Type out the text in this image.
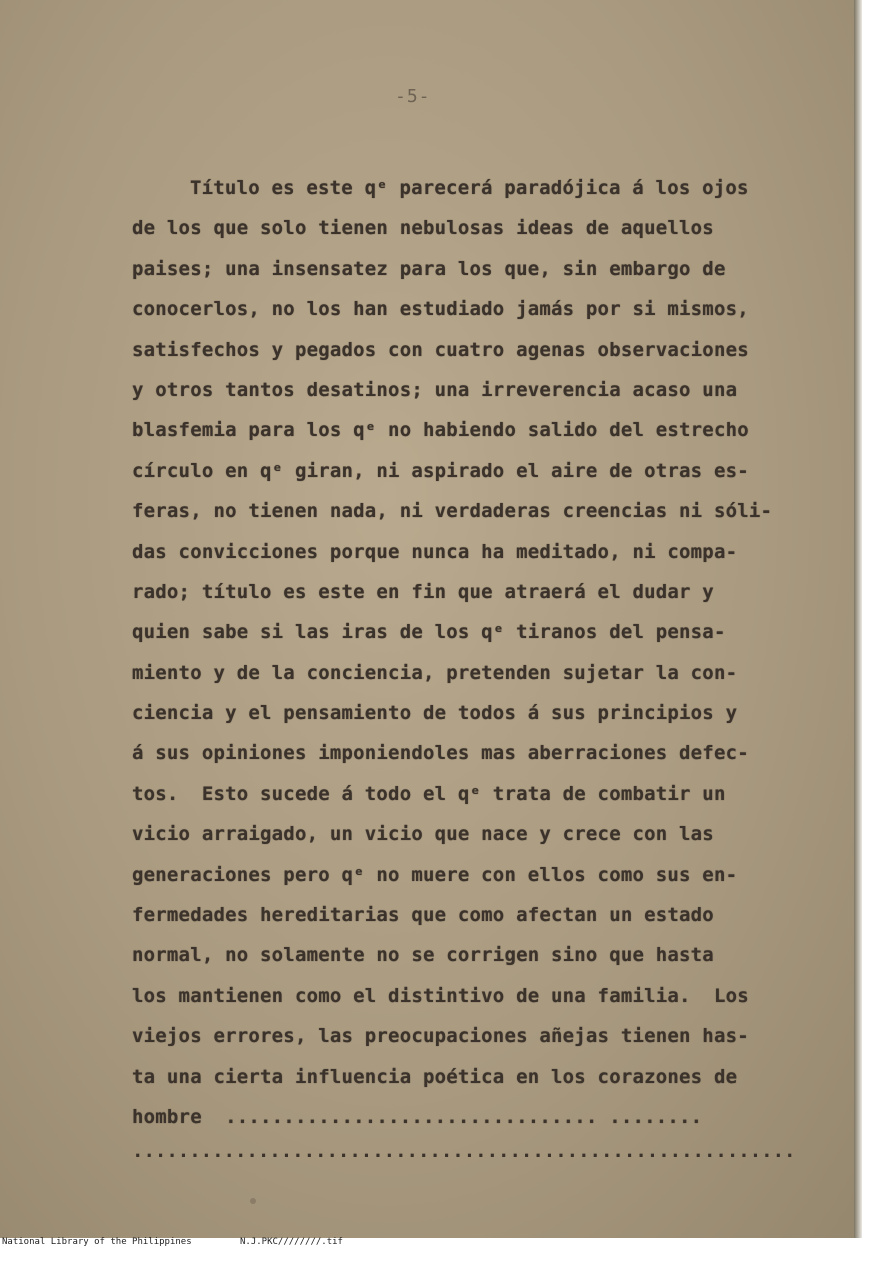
-5-
Título es este qᵉ parecerá paradójica á los ojos
de los que solo tienen nebulosas ideas de aquellos
paises; una insensatez para los que, sin embargo de
conocerlos, no los han estudiado jamás por si mismos,
satisfechos y pegados con cuatro agenas observaciones
y otros tantos desatinos; una irreverencia acaso una
blasfemia para los qᵉ no habiendo salido del estrecho
círculo en qᵉ giran, ni aspirado el aire de otras es-
feras, no tienen nada, ni verdaderas creencias ni sóli-
das convicciones porque nunca ha meditado, ni compa-
rado; título es este en fin que atraerá el dudar y
quien sabe si las iras de los qᵉ tiranos del pensa-
miento y de la conciencia, pretenden sujetar la con-
ciencia y el pensamiento de todos á sus principios y
á sus opiniones imponiendoles mas aberraciones defec-
tos.  Esto sucede á todo el qᵉ trata de combatir un
vicio arraigado, un vicio que nace y crece con las
generaciones pero qᵉ no muere con ellos como sus en-
fermedades hereditarias que como afectan un estado
normal, no solamente no se corrigen sino que hasta
los mantienen como el distintivo de una familia.  Los
viejos errores, las preocupaciones añejas tienen has-
ta una cierta influencia poética en los corazones de
hombre  ................................ ........
..........................................................

National Library of the Philippines

	N.J.PKC////////.tif
